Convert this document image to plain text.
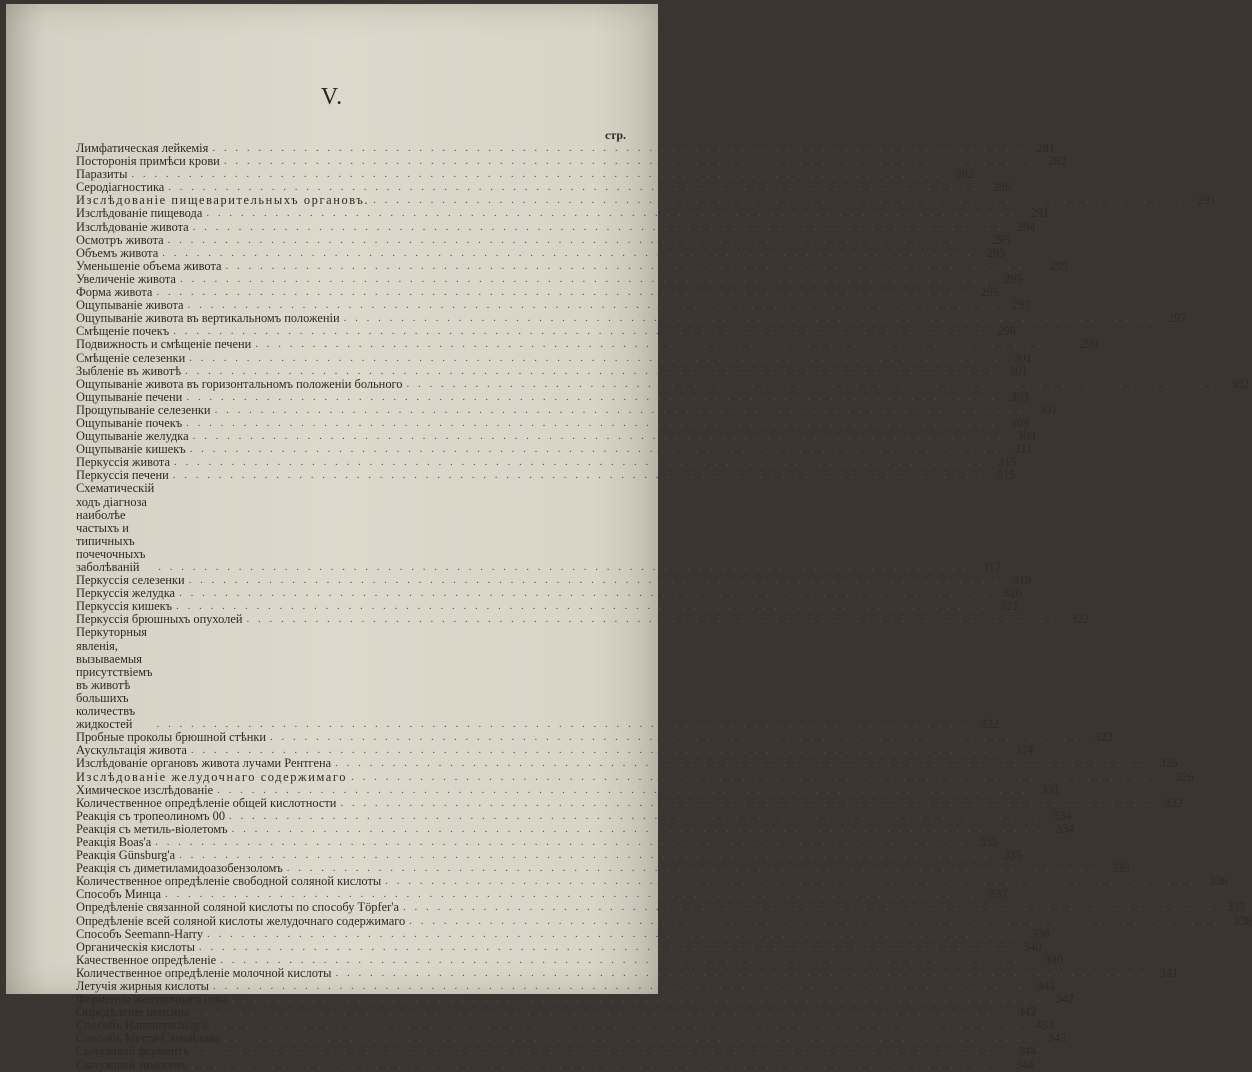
V.
стр.
Лимфатическая лейкемія . . .	281
Посторонія примѣси крови . . .	282
Паразиты . . .	282
Серодіагностика . . .	286
Изслѣдованіе пищеварительныхъ органовъ. . . .	291
Изслѣдованіе пищевода . . .	291
Изслѣдованіе живота . . .	294
Осмотръ живота . . .	295
Объемъ живота . . .	295
Уменьшеніе объема живота . . .	295
Увеличеніе живота . . .	295
Форма живота . . .	295
Ощупываніе живота . . .	297
Ощупываніе живота въ вертикальномъ положеніи . . .	297
Смѣщеніе почекъ . . .	298
Подвижность и смѣщеніе печени . . .	299
Смѣщеніе селезенки . . .	301
Зыбленіе въ животѣ . . .	301
Ощупываніе живота въ горизонтальномъ положеніи больного . . .	302
Ощупываніе печени . . .	303
Прощупываніе селезенки . . .	307
Ощупываніе почекъ . . .	309
Ощупываніе желудка . . .	309
Ощупываніе кишекъ . . .	311
Перкуссія живота . . .	315
Перкуссія печени . . .	315
Схематическій ходъ діагноза наиболѣе частыхъ и типичныхъ почечочныхъ заболѣваній . . .	317
Перкуссія селезенки . . .	319
Перкуссія желудка . . .	320
Перкуссія кишекъ . . .	321
Перкуссія брюшныхъ опухолей . . .	322
Перкуторныя явленія, вызываемыя присутствіемъ въ животѣ большихъ количествъ жидкостей . . .	322
Пробные проколы брюшной стѣнки . . .	323
Аускультація живота . . .	324
Изслѣдованіе органовъ живота лучами Рентгена . . .	325
Изслѣдованіе желудочнаго содержимаго . . .	326
Химическое изслѣдованіе . . .	331
Количественное опредѣленіе общей кислотности . . .	332
Реакція съ тропеолиномъ 00 . . .	334
Реакція съ метиль-віолетомъ . . .	334
Реакція Boas'а . . .	335
Реакція Günsburg'а . . .	335
Реакція съ диметиламидоазобензоломъ . . .	335
Количественное опредѣленіе свободной соляной кислоты . . .	336
Способъ Минца . . .	337
Опредѣленіе связанной соляной кислоты по способу Töpfer'а . . .	337
Опредѣленіе всей соляной кислоты желудочнаго содержимаго . . .	338
Способъ Seemann-Harry . . .	338
Органическія кислоты . . .	340
Качественное опредѣленіе . . .	340
Количественное опредѣленіе молочной кислоты . . .	341
Летучія жирныя кислоты . . .	341
Ферменты желудочнаго сока . . .	342
Опредѣленіе пепсина . . .	342
Способъ Hammerschlag'а . . .	433
Способъ Метта-Самойлова . . .	343
Сычужный ферментъ . . .	344
Сычужный зимогенъ . . .	344
